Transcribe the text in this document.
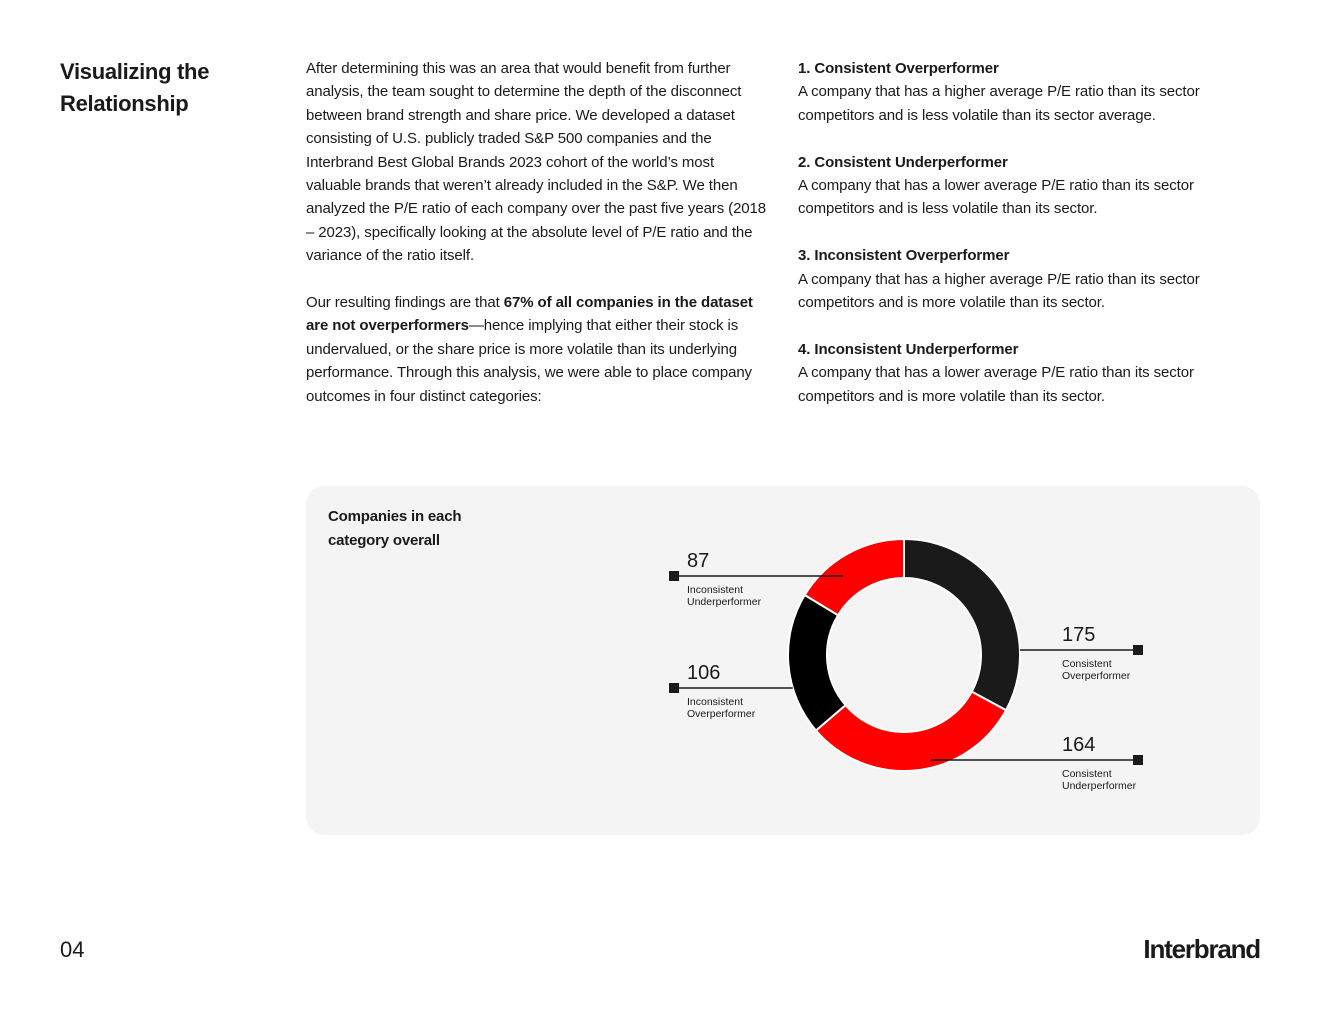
Visualizing the Relationship

After determining this was an area that would benefit from further analysis, the team sought to determine the depth of the disconnect between brand strength and share price. We developed a dataset consisting of U.S. publicly traded S&P 500 companies and the Interbrand Best Global Brands 2023 cohort of the world’s most valuable brands that weren’t already included in the S&P. We then analyzed the P/E ratio of each company over the past five years (2018 – 2023), specifically looking at the absolute level of P/E ratio and the variance of the ratio itself.

Our resulting findings are that 67% of all companies in the dataset are not overperformers—hence implying that either their stock is undervalued, or the share price is more volatile than its underlying performance. Through this analysis, we were able to place company outcomes in four distinct categories:

1. Consistent Overperformer
A company that has a higher average P/E ratio than its sector competitors and is less volatile than its sector average.
2. Consistent Underperformer
A company that has a lower average P/E ratio than its sector competitors and is less volatile than its sector.
3. Inconsistent Overperformer
A company that has a higher average P/E ratio than its sector competitors and is more volatile than its sector.
4. Inconsistent Underperformer
A company that has a lower average P/E ratio than its sector competitors and is more volatile than its sector.
Companies in each category overall
175
Consistent
Overperformer
164
Consistent
Underperformer
106
Inconsistent
Overperformer
87
Inconsistent
Underperformer
04	Interbrand
